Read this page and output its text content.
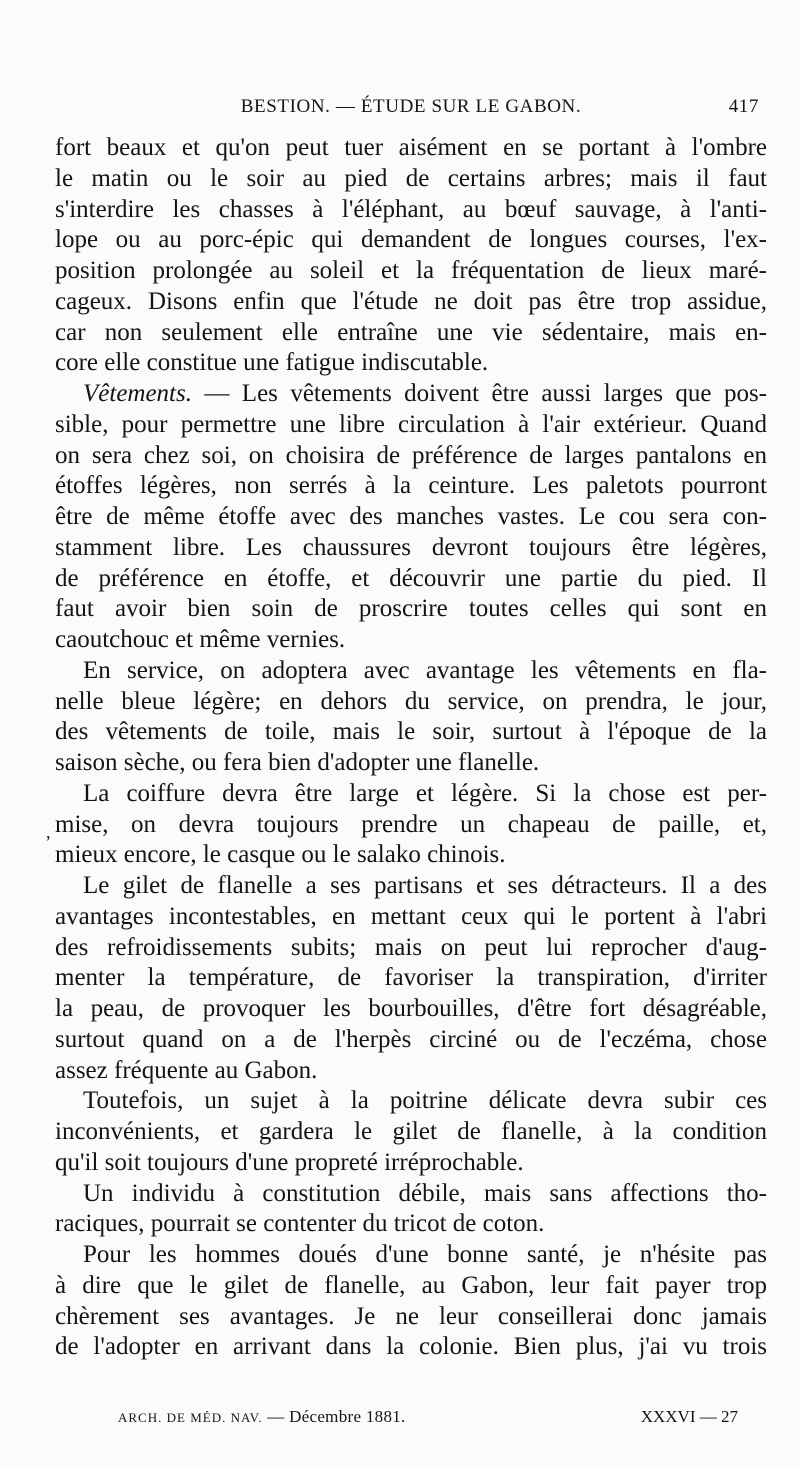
BESTION. — ÉTUDE SUR LE GABON.	417
,
fort beaux et qu'on peut tuer aisément en se portant à l'ombre
le matin ou le soir au pied de certains arbres; mais il faut
s'interdire les chasses à l'éléphant, au bœuf sauvage, à l'anti-
lope ou au porc-épic qui demandent de longues courses, l'ex-
position prolongée au soleil et la fréquentation de lieux maré-
cageux. Disons enfin que l'étude ne doit pas être trop assidue,
car non seulement elle entraîne une vie sédentaire, mais en-
core elle constitue une fatigue indiscutable.
Vêtements. — Les vêtements doivent être aussi larges que pos-
sible, pour permettre une libre circulation à l'air extérieur. Quand
on sera chez soi, on choisira de préférence de larges pantalons en
étoffes légères, non serrés à la ceinture. Les paletots pourront
être de même étoffe avec des manches vastes. Le cou sera con-
stamment libre. Les chaussures devront toujours être légères,
de préférence en étoffe, et découvrir une partie du pied. Il
faut avoir bien soin de proscrire toutes celles qui sont en
caoutchouc et même vernies.
En service, on adoptera avec avantage les vêtements en fla-
nelle bleue légère; en dehors du service, on prendra, le jour,
des vêtements de toile, mais le soir, surtout à l'époque de la
saison sèche, ou fera bien d'adopter une flanelle.
La coiffure devra être large et légère. Si la chose est per-
mise, on devra toujours prendre un chapeau de paille, et,
mieux encore, le casque ou le salako chinois.
Le gilet de flanelle a ses partisans et ses détracteurs. Il a des
avantages incontestables, en mettant ceux qui le portent à l'abri
des refroidissements subits; mais on peut lui reprocher d'aug-
menter la température, de favoriser la transpiration, d'irriter
la peau, de provoquer les bourbouilles, d'être fort désagréable,
surtout quand on a de l'herpès circiné ou de l'eczéma, chose
assez fréquente au Gabon.
Toutefois, un sujet à la poitrine délicate devra subir ces
inconvénients, et gardera le gilet de flanelle, à la condition
qu'il soit toujours d'une propreté irréprochable.
Un individu à constitution débile, mais sans affections tho-
raciques, pourrait se contenter du tricot de coton.
Pour les hommes doués d'une bonne santé, je n'hésite pas
à dire que le gilet de flanelle, au Gabon, leur fait payer trop
chèrement ses avantages. Je ne leur conseillerai donc jamais
de l'adopter en arrivant dans la colonie. Bien plus, j'ai vu trois
ARCH. DE MÉD. NAV. — Décembre 1881.	XXXVI — 27
